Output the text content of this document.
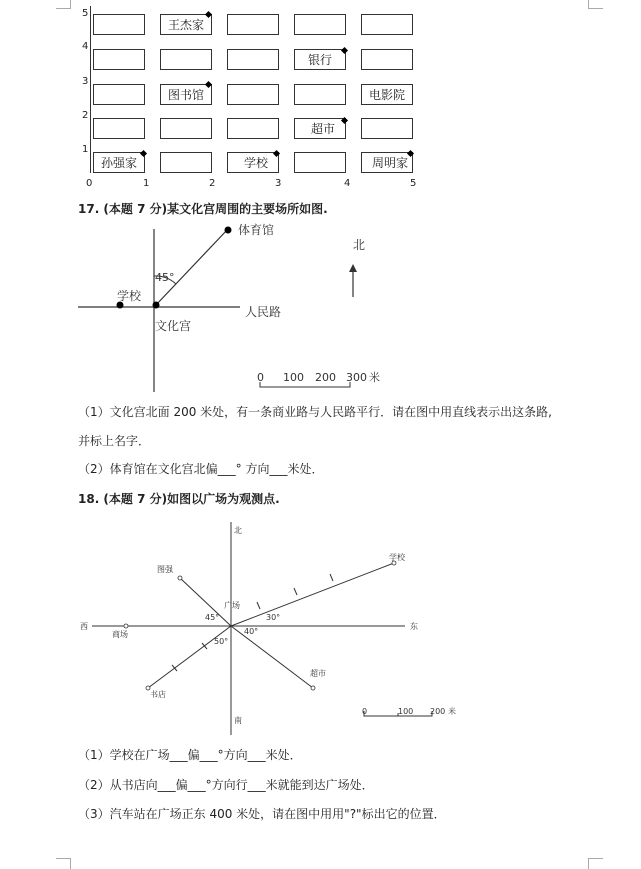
5
4
3
2
1
0	1	2	3	4	5
王杰家
银行
图书馆	电影院
超市
孙强家	学校	周明家
17. (本题 7 分)某文化宫周围的主要场所如图.
体育馆
学校
文化宫
人民路
45°
北
0 100 200 300 米
（1）文化宫北面 200 米处，有一条商业路与人民路平行．请在图中用直线表示出这条路,
并标上名字．
（2）体育馆在文化宫北偏___° 方向___米处．
18. (本题 7 分)如图以广场为观测点.
北
南
东
西
广场
学校
图强
商场
书店
超市
45°	30°
40°
50°
0	100 200 米
（1）学校在广场___偏___°方向___米处．
（2）从书店向___偏___°方向行___米就能到达广场处．
（3）汽车站在广场正东 400 米处，请在图中用用"?"标出它的位置．
